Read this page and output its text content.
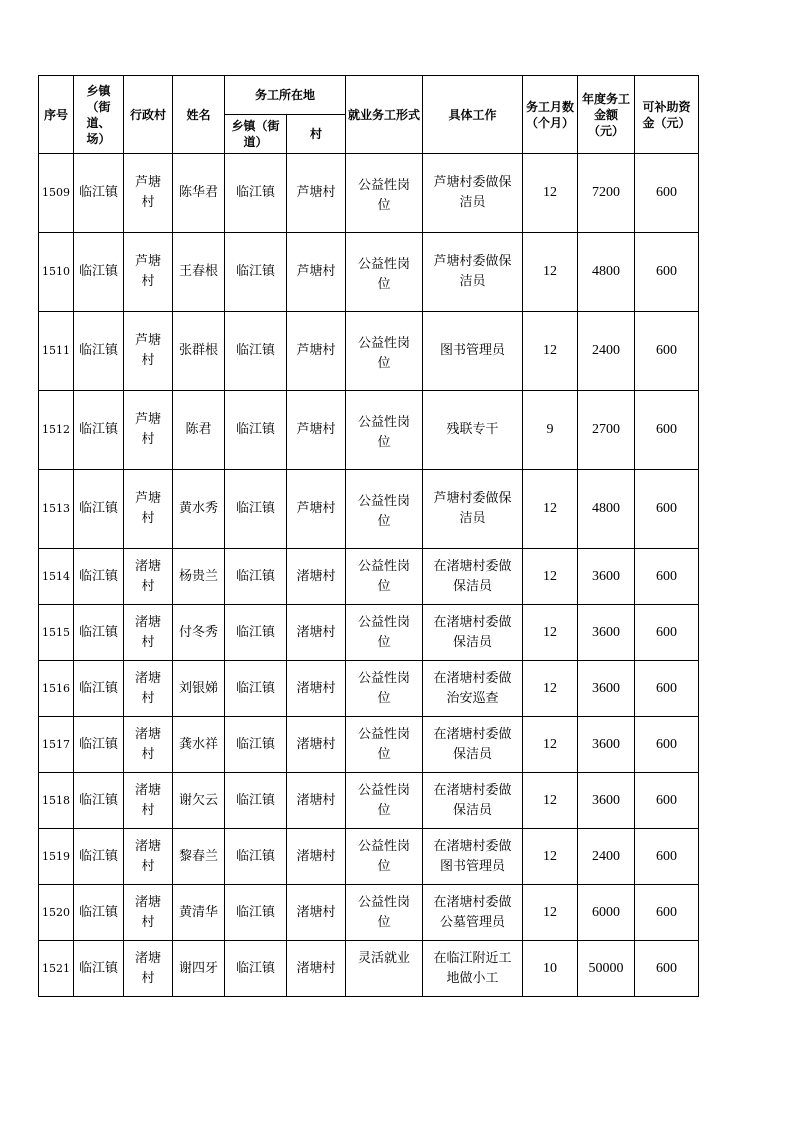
序号	乡镇（街道、场）	行政村	姓名	务工所在地		就业务工形式	具体工作	务工月数（个月）	年度务工金额（元）	可补助资金（元）

				乡镇（街道）	村					

1509	临江镇	芦塘村	陈华君	临江镇	芦塘村	公益性岗位	芦塘村委做保洁员	12	7200	600

1510	临江镇	芦塘村	王春根	临江镇	芦塘村	公益性岗位	芦塘村委做保洁员	12	4800	600

1511	临江镇	芦塘村	张群根	临江镇	芦塘村	公益性岗位	图书管理员	12	2400	600

1512	临江镇	芦塘村	陈君	临江镇	芦塘村	公益性岗位	残联专干	9	2700	600

1513	临江镇	芦塘村	黄水秀	临江镇	芦塘村	公益性岗位	芦塘村委做保洁员	12	4800	600

1514	临江镇	渚塘村	杨贵兰	临江镇	渚塘村	公益性岗位	在渚塘村委做保洁员	12	3600	600

1515	临江镇	渚塘村	付冬秀	临江镇	渚塘村	公益性岗位	在渚塘村委做保洁员	12	3600	600

1516	临江镇	渚塘村	刘银娣	临江镇	渚塘村	公益性岗位	在渚塘村委做治安巡查	12	3600	600

1517	临江镇	渚塘村	龚水祥	临江镇	渚塘村	公益性岗位	在渚塘村委做保洁员	12	3600	600

1518	临江镇	渚塘村	谢欠云	临江镇	渚塘村	公益性岗位	在渚塘村委做保洁员	12	3600	600

1519	临江镇	渚塘村	黎春兰	临江镇	渚塘村	公益性岗位	在渚塘村委做图书管理员	12	2400	600

1520	临江镇	渚塘村	黄清华	临江镇	渚塘村	公益性岗位	在渚塘村委做公墓管理员	12	6000	600

1521	临江镇	渚塘村	谢四牙	临江镇	渚塘村	灵活就业	在临江附近工地做小工	10	50000	600
